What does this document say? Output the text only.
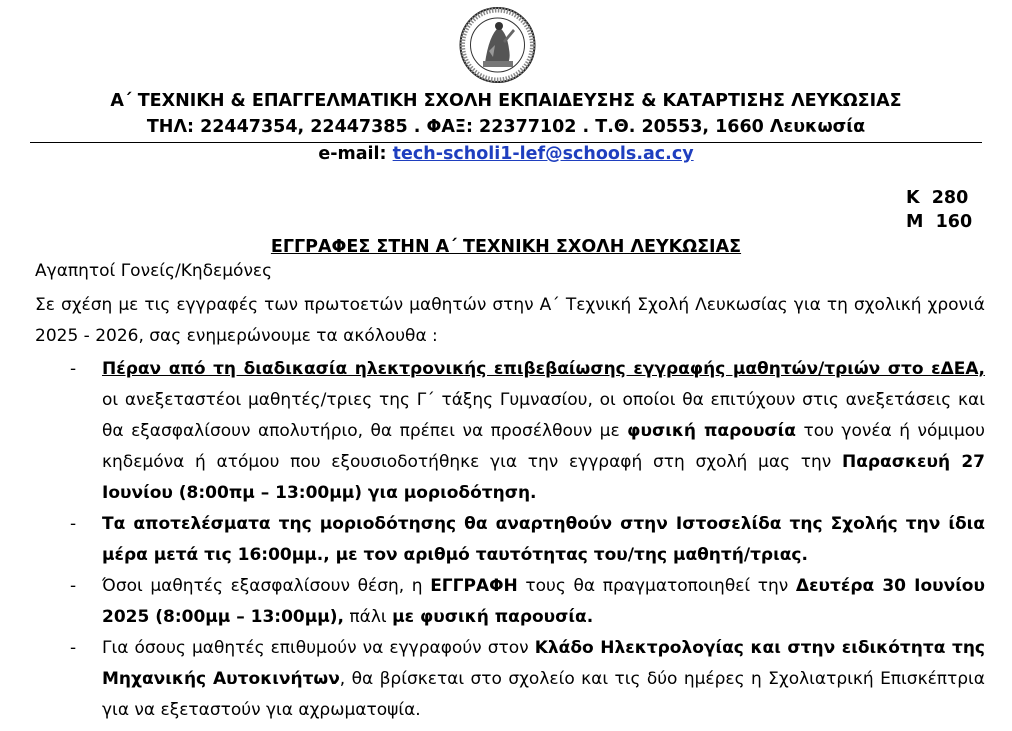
Α΄ ΤΕΧΝΙΚΗ & ΕΠΑΓΓΕΛΜΑΤΙΚΗ ΣΧΟΛΗ ΕΚΠΑΙΔΕΥΣΗΣ & ΚΑΤΑΡΤΙΣΗΣ ΛΕΥΚΩΣΙΑΣ
ΤΗΛ: 22447354, 22447385 . ΦΑΞ: 22377102 . Τ.Θ. 20553, 1660 Λευκωσία
e-mail: tech-scholi1-lef@schools.ac.cy
Κ  280
Μ  160
ΕΓΓΡΑΦΕΣ ΣΤΗΝ Α΄ ΤΕΧΝΙΚΗ ΣΧΟΛΗ ΛΕΥΚΩΣΙΑΣ
Αγαπητοί Γονείς/Κηδεμόνες
Σε σχέση με τις εγγραφές των πρωτοετών μαθητών στην Α΄ Τεχνική Σχολή Λευκωσίας για τη σχολική χρονιά 2025 - 2026, σας ενημερώνουμε τα ακόλουθα :
- Πέραν από τη διαδικασία ηλεκτρονικής επιβεβαίωσης εγγραφής μαθητών/τριών στο εΔΕΑ, οι ανεξεταστέοι μαθητές/τριες της Γ΄ τάξης Γυμνασίου, οι οποίοι θα επιτύχουν στις ανεξετάσεις και θα εξασφαλίσουν απολυτήριο, θα πρέπει να προσέλθουν με φυσική παρουσία του γονέα ή νόμιμου κηδεμόνα ή ατόμου που εξουσιοδοτήθηκε για την εγγραφή στη σχολή μας την Παρασκευή 27 Ιουνίου (8:00πμ – 13:00μμ) για μοριοδότηση.
- Τα αποτελέσματα της μοριοδότησης θα αναρτηθούν στην Ιστοσελίδα της Σχολής την ίδια μέρα μετά τις 16:00μμ., με τον αριθμό ταυτότητας του/της μαθητή/τριας.
- Όσοι μαθητές εξασφαλίσουν θέση, η ΕΓΓΡΑΦΗ τους θα πραγματοποιηθεί την Δευτέρα 30 Ιουνίου 2025 (8:00μμ – 13:00μμ), πάλι με φυσική παρουσία.
- Για όσους μαθητές επιθυμούν να εγγραφούν στον Κλάδο Ηλεκτρολογίας και στην ειδικότητα της Μηχανικής Αυτοκινήτων, θα βρίσκεται στο σχολείο και τις δύο ημέρες η Σχολιατρική Επισκέπτρια για να εξεταστούν για αχρωματοψία.
